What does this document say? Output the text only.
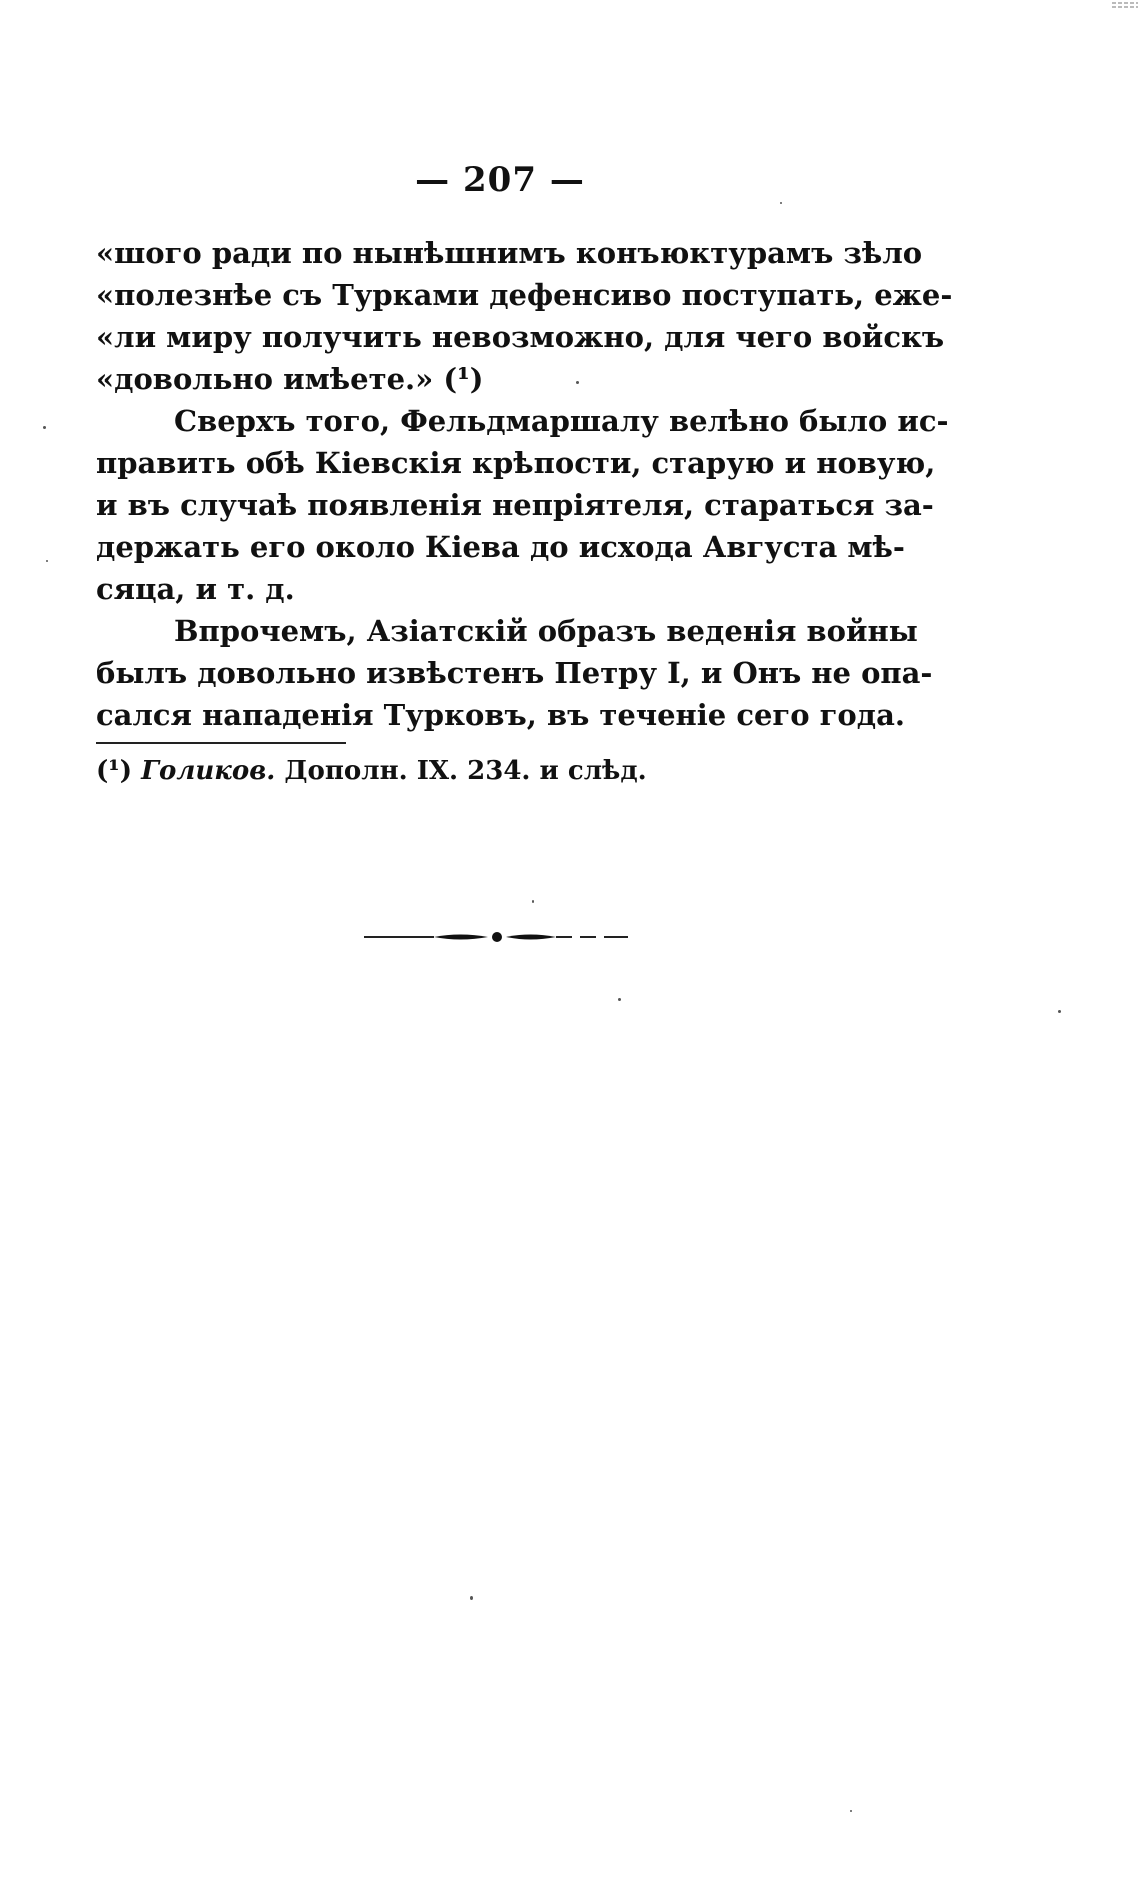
— 207 —
«шого ради по нынѣшнимъ конъюктурамъ зѣло
«полезнѣе съ Турками дефенсиво поступать, еже-
«ли миру получить невозможно, для чего войскъ
«довольно имѣете.» (¹)
Сверхъ того, Фельдмаршалу велѣно было ис-
править обѣ Кіевскія крѣпости, старую и новую,
и въ случаѣ появленія непріятеля, стараться за-
держать его около Кіева до исхода Августа мѣ-
сяца, и т. д.
Впрочемъ, Азіатскій образъ веденія войны
былъ довольно извѣстенъ Петру I, и Онъ не опа-
сался нападенія Турковъ, въ теченіе сего года.
(¹) Голиков. Дополн. IX. 234. и слѣд.
